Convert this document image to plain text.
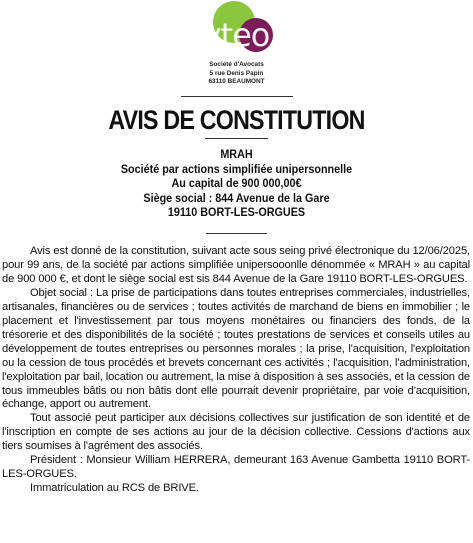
yteo
Société d'Avocats
5 rue Denis Papin
63110 BEAUMONT
AVIS DE CONSTITUTION
MRAH
Société par actions simplifiée unipersonnelle
Au capital de 900 000,00€
Siège social : 844 Avenue de la Gare
19110 BORT-LES-ORGUES

Avis est donné de la constitution, suivant acte sous seing privé électronique du 12/06/2025, pour 99 ans, de la société par actions simplifiée unipersooonlle dénommée « MRAH » au capital de 900 000 €, et dont le siège social est sis 844 Avenue de la Gare 19110 BORT-LES-ORGUES.

Objet social : La prise de participations dans toutes entreprises commerciales, industrielles, artisanales, financières ou de services ; toutes activités de marchand de biens en immobilier ; le placement et l'investissement par tous moyens monétaires ou financiers des fonds, de la trésorerie et des disponibilités de la société ; toutes prestations de services et conseils utiles au développement de toutes entreprises ou personnes morales ; la prise, l'acquisition, l'exploitation ou la cession de tous procédés et brevets concernant ces activités ; l'acquisition, l'administration, l'exploitation par bail, location ou autrement, la mise à disposition à ses associés, et la cession de tous immeubles bâtis ou non bâtis dont elle pourrait devenir propriétaire, par voie d'acquisition, échange, apport ou autrement.

Tout associé peut participer aux décisions collectives sur justification de son identité et de l'inscription en compte de ses actions au jour de la décision collective. Cessions d'actions aux tiers soumises à l'agrément des associés.

Président : Monsieur William HERRERA, demeurant 163 Avenue Gambetta 19110 BORT-LES-ORGUES.

Immatriculation au RCS de BRIVE.
